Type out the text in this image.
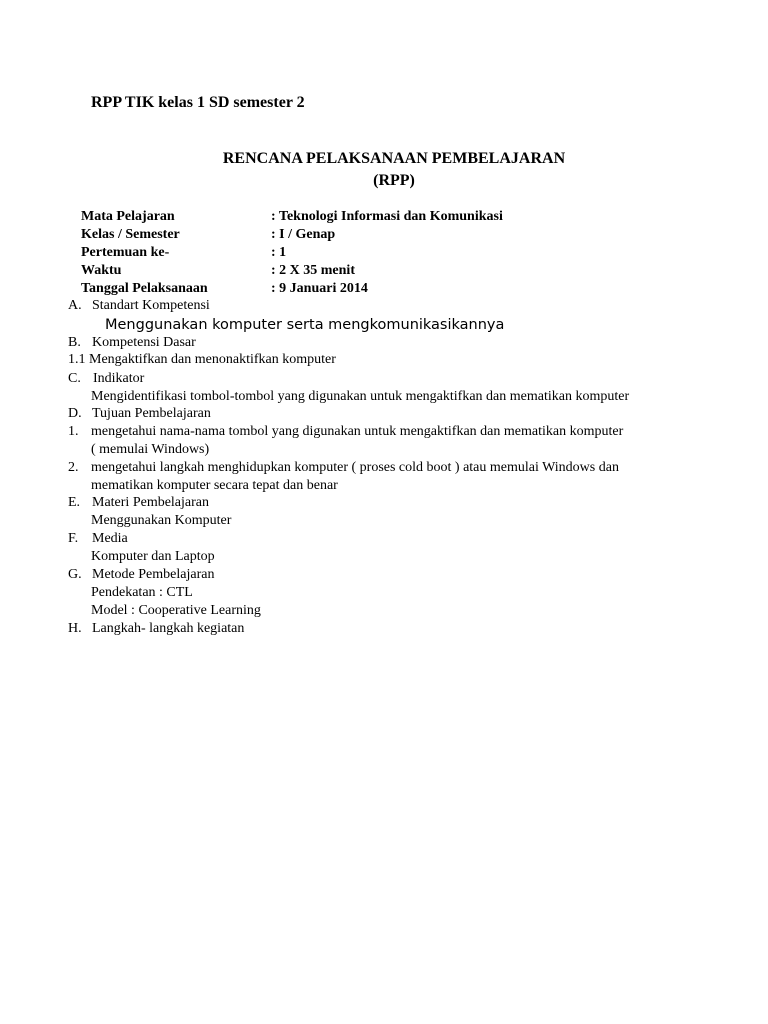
RPP TIK kelas 1 SD semester 2
RENCANA PELAKSANAAN PEMBELAJARAN
(RPP)
Mata Pelajaran	: Teknologi Informasi dan Komunikasi
Kelas / Semester	: I / Genap
Pertemuan ke-	: 1
Waktu	: 2 X 35 menit
Tanggal Pelaksanaan	: 9 Januari 2014
A. Standart Kompetensi
Menggunakan komputer serta mengkomunikasikannya
B. Kompetensi Dasar
1.1 Mengaktifkan dan menonaktifkan komputer
C. Indikator
Mengidentifikasi tombol-tombol yang digunakan untuk mengaktifkan dan mematikan komputer
D. Tujuan Pembelajaran
1. mengetahui nama-nama tombol yang digunakan untuk mengaktifkan dan mematikan komputer
( memulai Windows)
2. mengetahui langkah menghidupkan komputer ( proses cold boot ) atau memulai Windows dan
mematikan komputer secara tepat dan benar
E. Materi Pembelajaran
Menggunakan Komputer
F. Media
Komputer dan Laptop
G. Metode Pembelajaran
Pendekatan : CTL
Model : Cooperative Learning
H. Langkah- langkah kegiatan
